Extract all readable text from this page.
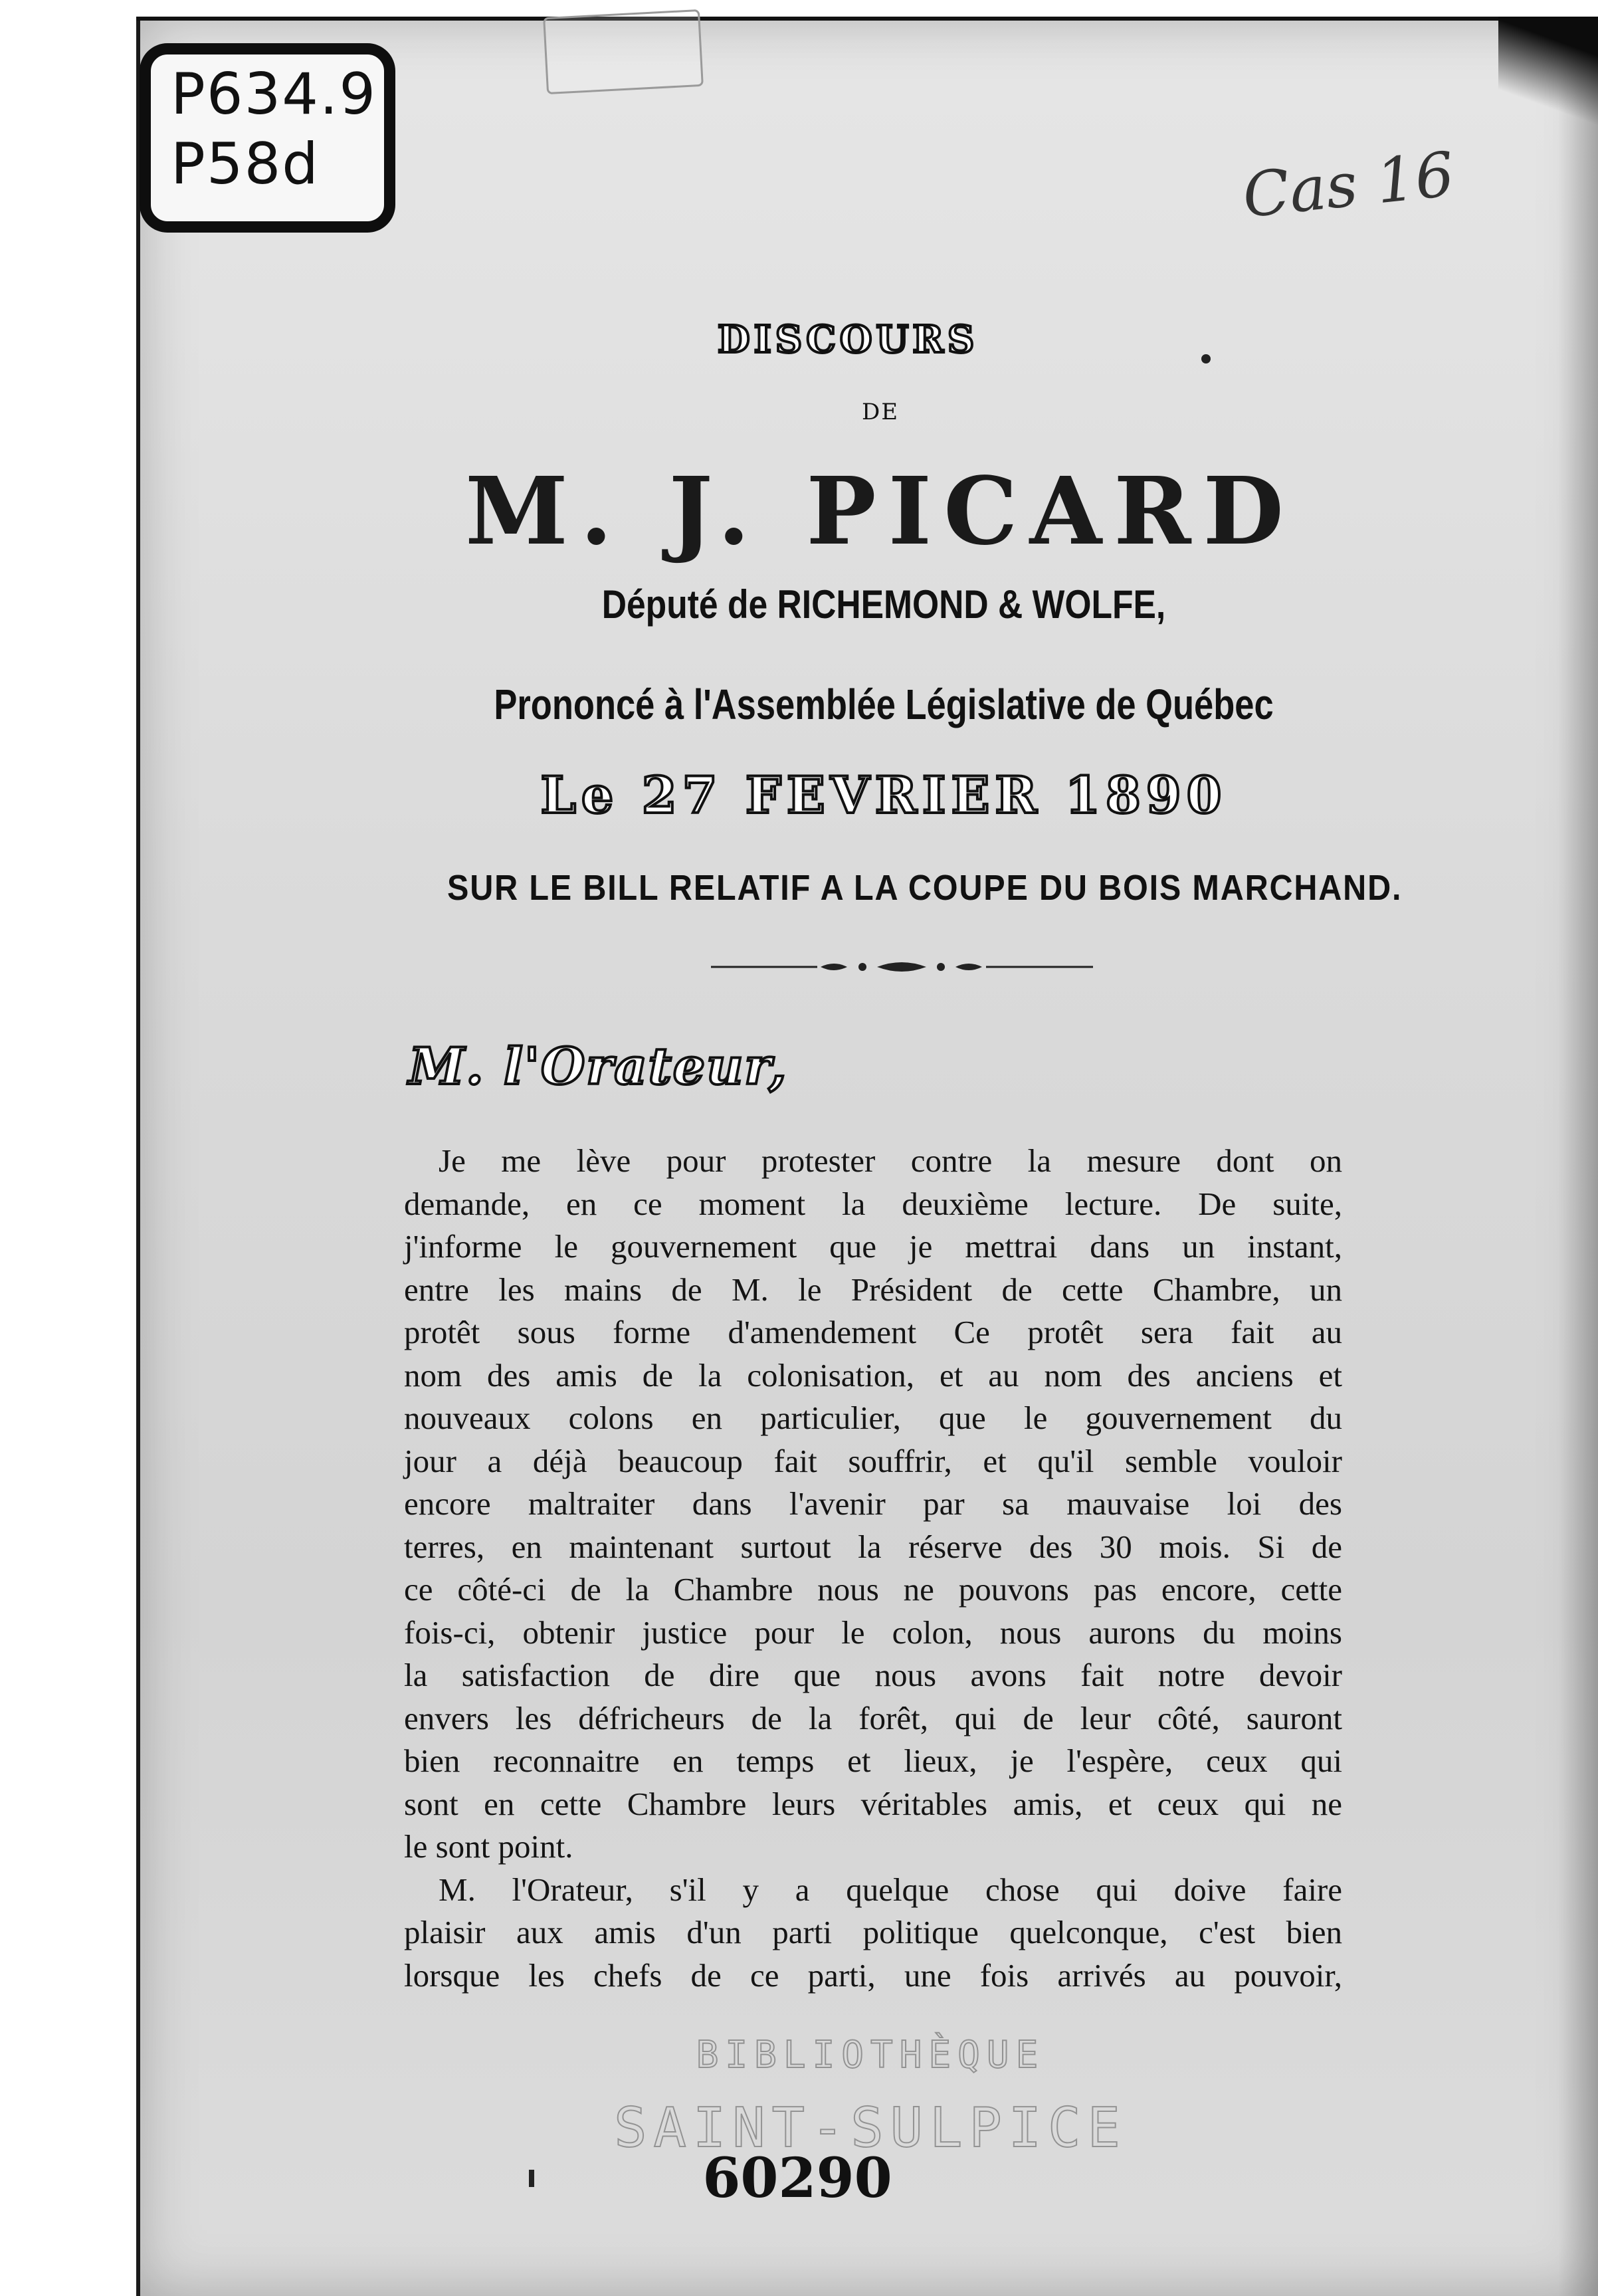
P634.9
P58d	Cas 16
DISCOURS
DE
M. J. PICARD
Député de RICHEMOND & WOLFE,
Prononcé à l'Assemblée Législative de Québec
Le 27 FEVRIER 1890
SUR LE BILL RELATIF A LA COUPE DU BOIS MARCHAND.
M. l'Orateur,
Je me lève pour protester contre la mesure dont on
demande, en ce moment la deuxième lecture. De suite,
j'informe le gouvernement que je mettrai dans un instant,
entre les mains de M. le Président de cette Chambre, un
protêt sous forme d'amendement Ce protêt sera fait au
nom des amis de la colonisation, et au nom des anciens et
nouveaux colons en particulier, que le gouvernement du
jour a déjà beaucoup fait souffrir, et qu'il semble vouloir
encore maltraiter dans l'avenir par sa mauvaise loi des
terres, en maintenant surtout la réserve des 30 mois. Si de
ce côté-ci de la Chambre nous ne pouvons pas encore, cette
fois-ci, obtenir justice pour le colon, nous aurons du moins
la satisfaction de dire que nous avons fait notre devoir
envers les défricheurs de la forêt, qui de leur côté, sauront
bien reconnaitre en temps et lieux, je l'espère, ceux qui
sont en cette Chambre leurs véritables amis, et ceux qui ne
le sont point.
M. l'Orateur, s'il y a quelque chose qui doive faire
plaisir aux amis d'un parti politique quelconque, c'est bien
lorsque les chefs de ce parti, une fois arrivés au pouvoir,
BIBLIOTHÈQUE
SAINT-SULPICE
60290
